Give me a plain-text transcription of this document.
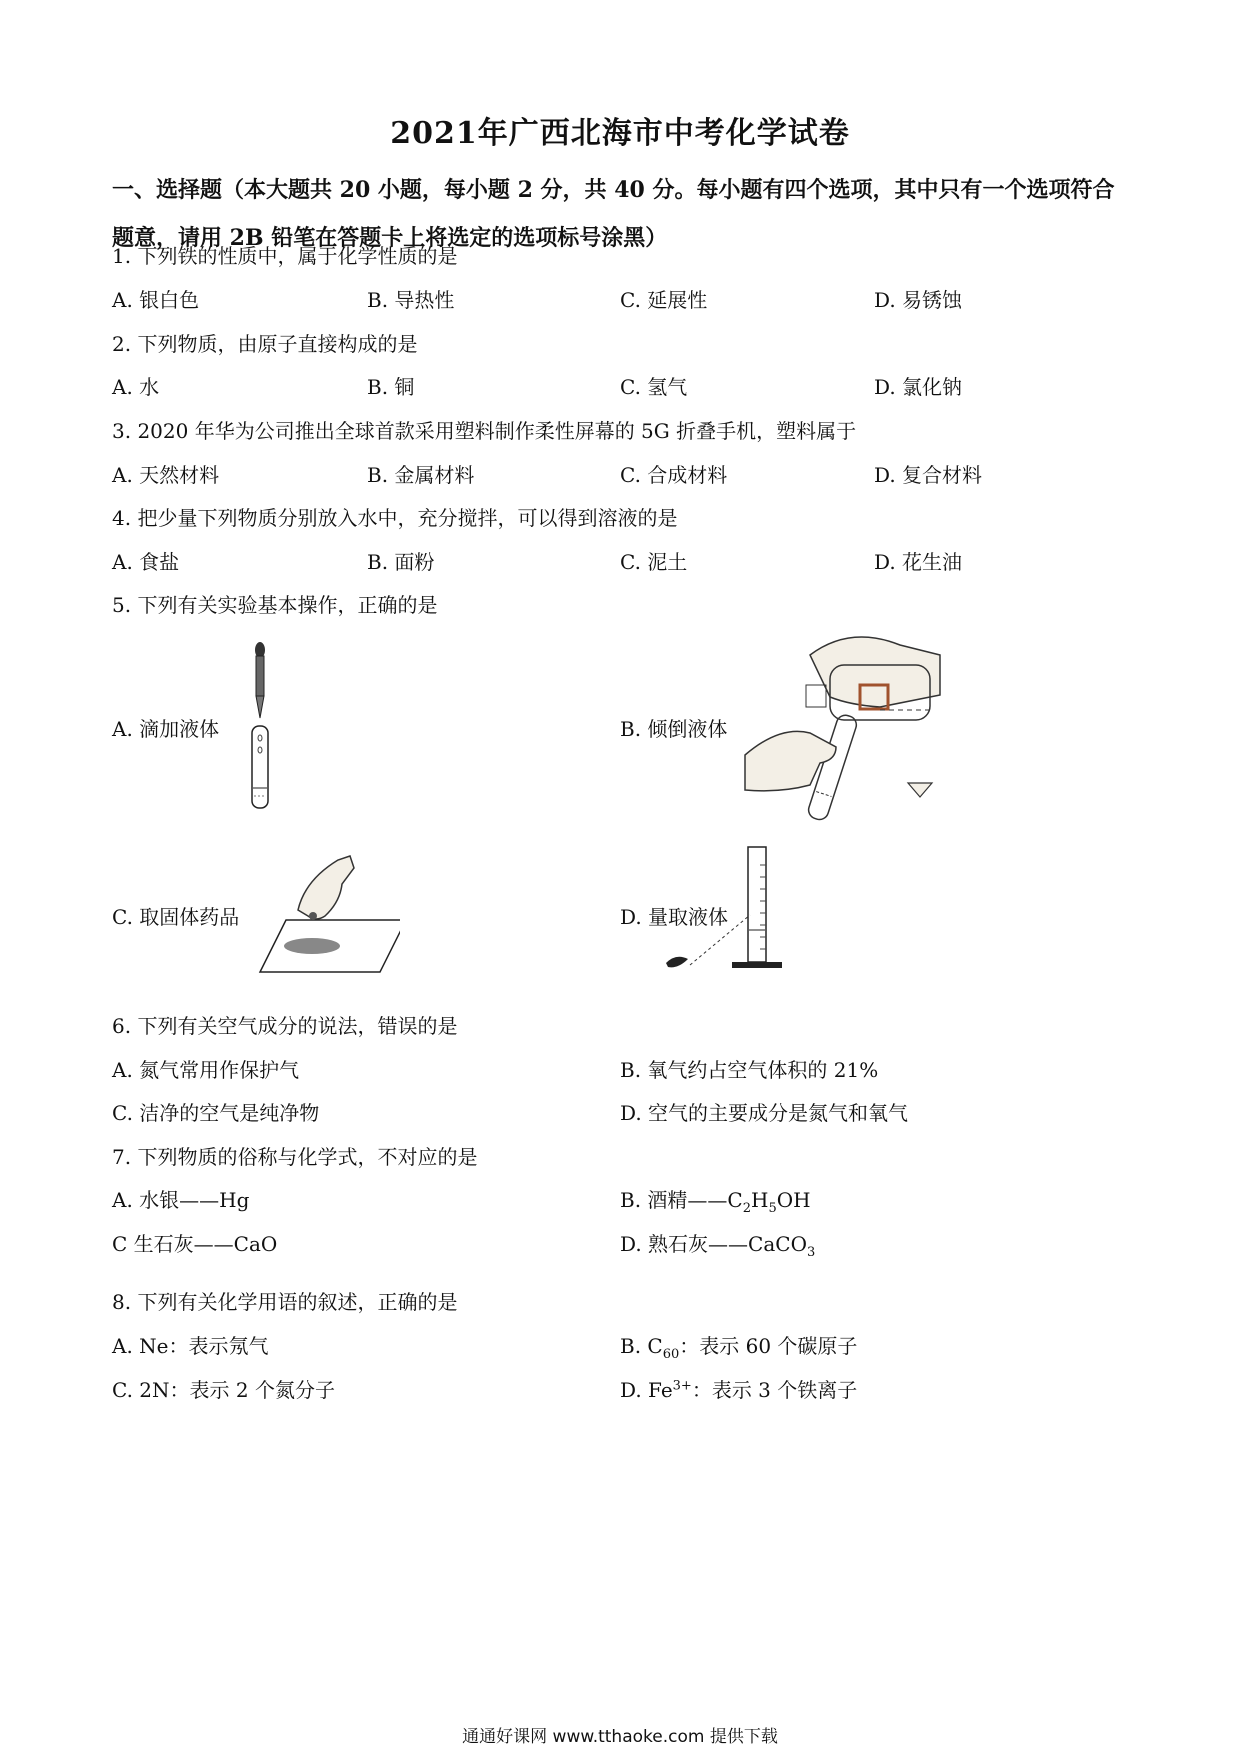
2021年广西北海市中考化学试卷
一、选择题（本大题共 20 小题，每小题 2 分，共 40 分。每小题有四个选项，其中只有一个选项符合题意，请用 2B 铅笔在答题卡上将选定的选项标号涂黑）
1. 下列铁的性质中，属于化学性质的是
A. 银白色	B. 导热性	C. 延展性	D. 易锈蚀
2. 下列物质，由原子直接构成的是
A. 水	B. 铜	C. 氢气	D. 氯化钠
3. 2020 年华为公司推出全球首款采用塑料制作柔性屏幕的 5G 折叠手机，塑料属于
A. 天然材料	B. 金属材料	C. 合成材料	D. 复合材料
4. 把少量下列物质分别放入水中，充分搅拌，可以得到溶液的是
A. 食盐	B. 面粉	C. 泥土	D. 花生油
5. 下列有关实验基本操作，正确的是
A. 滴加液体	B. 倾倒液体
C. 取固体药品	D. 量取液体
6. 下列有关空气成分的说法，错误的是
A. 氮气常用作保护气	B. 氧气约占空气体积的 21%
C. 洁净的空气是纯净物	D. 空气的主要成分是氮气和氧气
7. 下列物质的俗称与化学式，不对应的是
A. 水银——Hg	B. 酒精$——C_2H_5OH$
C 生石灰——CaO	D. 熟石灰——CaCO$_3$
8. 下列有关化学用语的叙述，正确的是
A. Ne：表示氖气	B. $C_{60}$：表示 60 个碳原子
C. 2N：表示 2 个氮分子	D. $Fe^{3+}$：表示 3 个铁离子
通通好课网 www.tthaoke.com 提供下载
